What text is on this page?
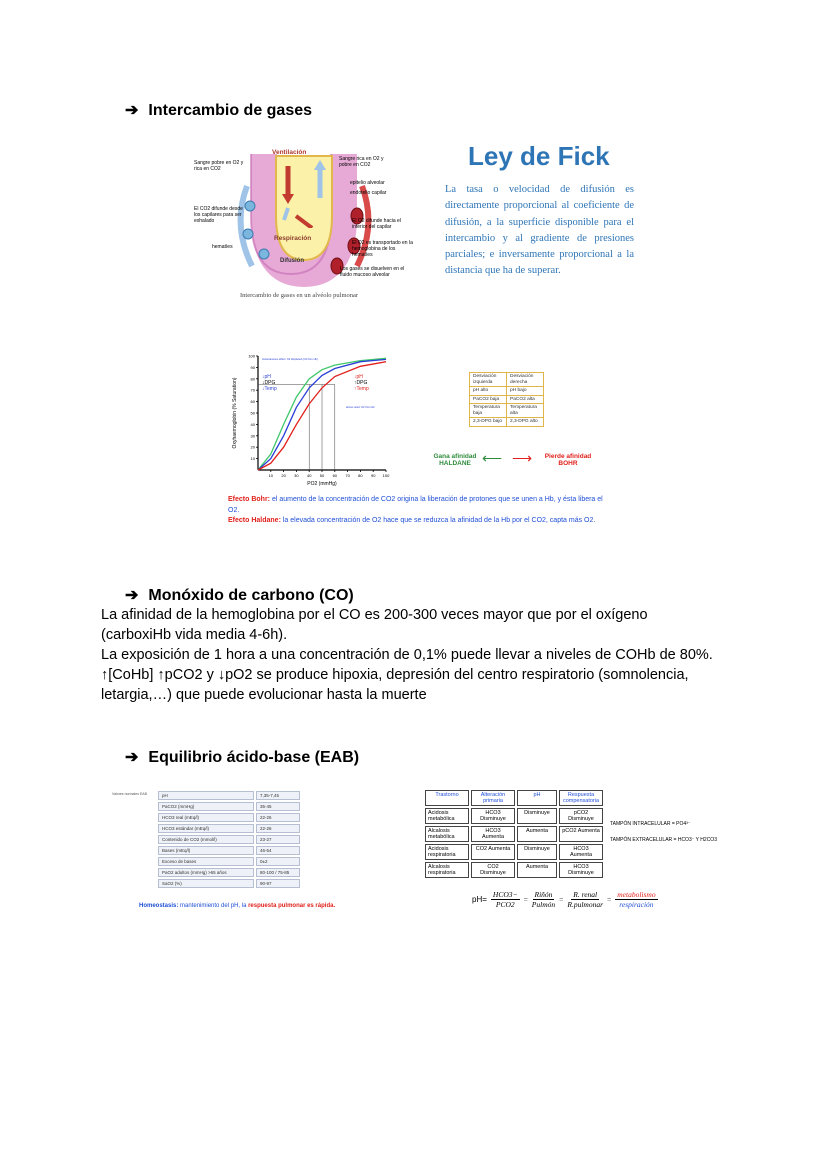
➔ Intercambio de gases
Ventilación
Sangre pobre en O2 y rica en CO2
Sangre rica en O2 y pobre en CO2
epitelio alveolar
endotelio capilar
El CO2 difunde desde los capilares para ser exhalado	El O2 difunde hacia el interior del capilar
hematíes
El O2 es transportado en la hemoglobina de los hematíes
Respiración
Difusión
Los gases se disuelven en el fluido mucoso alveolar
Intercambio de gases en un alvéolo pulmonar
Ley de Fick
La tasa o velocidad de difusión es directamente proporcional al coeficiente de difusión, a la superficie disponible para el intercambio y al gradiente de presiones parciales; e inversamente proporcional a la distancia que ha de superar.
10
20
30
40
50
60
70
80
90
100
10 20 30 40 50 60 70 80 90 100
PO2 (mmHg)
Oxyhaemoglobin (% Saturation)
Instantaneous effect: O2 displaced (O2 from Hb)
↓pH
↓DPG
↓Temp
↓pH
↑DPG
↑Temp
above rated: O2 from Hb
Desviación izquierda	Desviación derecha
pH alto	pH bajo
PaCO2 baja	PaCO2 alta
Temperatura baja	Temperatura alta
2,3-DPG bajo	2,3-DPG alto
Gana afinidad
HALDANE ⟵ ⟶	Pierde afinidad
BOHR
Efecto Bohr: el aumento de la concentración de CO2 origina la liberación de protones que se unen a Hb, y ésta libera el O2.
Efecto Haldane: la elevada concentración de O2 hace que se reduzca la afinidad de la Hb por el CO2, capta más O2.
➔ Monóxido de carbono (CO)
La afinidad de la hemoglobina por el CO es 200-300 veces mayor que por el oxígeno (carboxiHb vida media 4-6h).
La exposición de 1 hora a una concentración de 0,1% puede llevar a niveles de COHb de 80%.
↑[CoHb] ↑pCO2 y ↓pO2 se produce hipoxia, depresión del centro respiratorio (somnolencia, letargia,…) que puede evolucionar hasta la muerte
➔ Equilibrio ácido-base (EAB)
Valores normales EAB	pH	7,35-7,45
PaCO2 (mmHg)	35-45
HCO3 real (mEq/l)	22-26
HCO3 estándar (mEq/l)	22-26
Contenido de CO2 (mmol/l)	23-27
Bases (mEq/l)	46-54
Exceso de bases	0±2
PaO2 adultos (mmHg) >65 años	80-100 / 75-85
SaO2 (%)	90-97
Homeostasis: mantenimiento del pH, la respuesta pulmonar es rápida.
Trastorno	Alteración primaria	pH	Respuesta compensatoria
Acidosis metabólica	HCO3 Disminuye	Disminuye	pCO2 Disminuye
Alcalosis metabólica	HCO3 Aumenta	Aumenta	pCO2 Aumenta
Acidosis respiratoria	CO2 Aumenta	Disminuye	HCO3 Aumenta
Alcalosis respiratoria	CO2 Disminuye	Aumenta	HCO3 Disminuye
TAMPÓN INTRACELULAR = PO4³⁻
TAMPÓN EXTRACELULAR = HCO3⁻ Y H2CO3
pH=
HCO3−
PCO2
=
Riñón
Pulmón
=
R. renal
R.pulmonar
=
metabolismo
respiración
